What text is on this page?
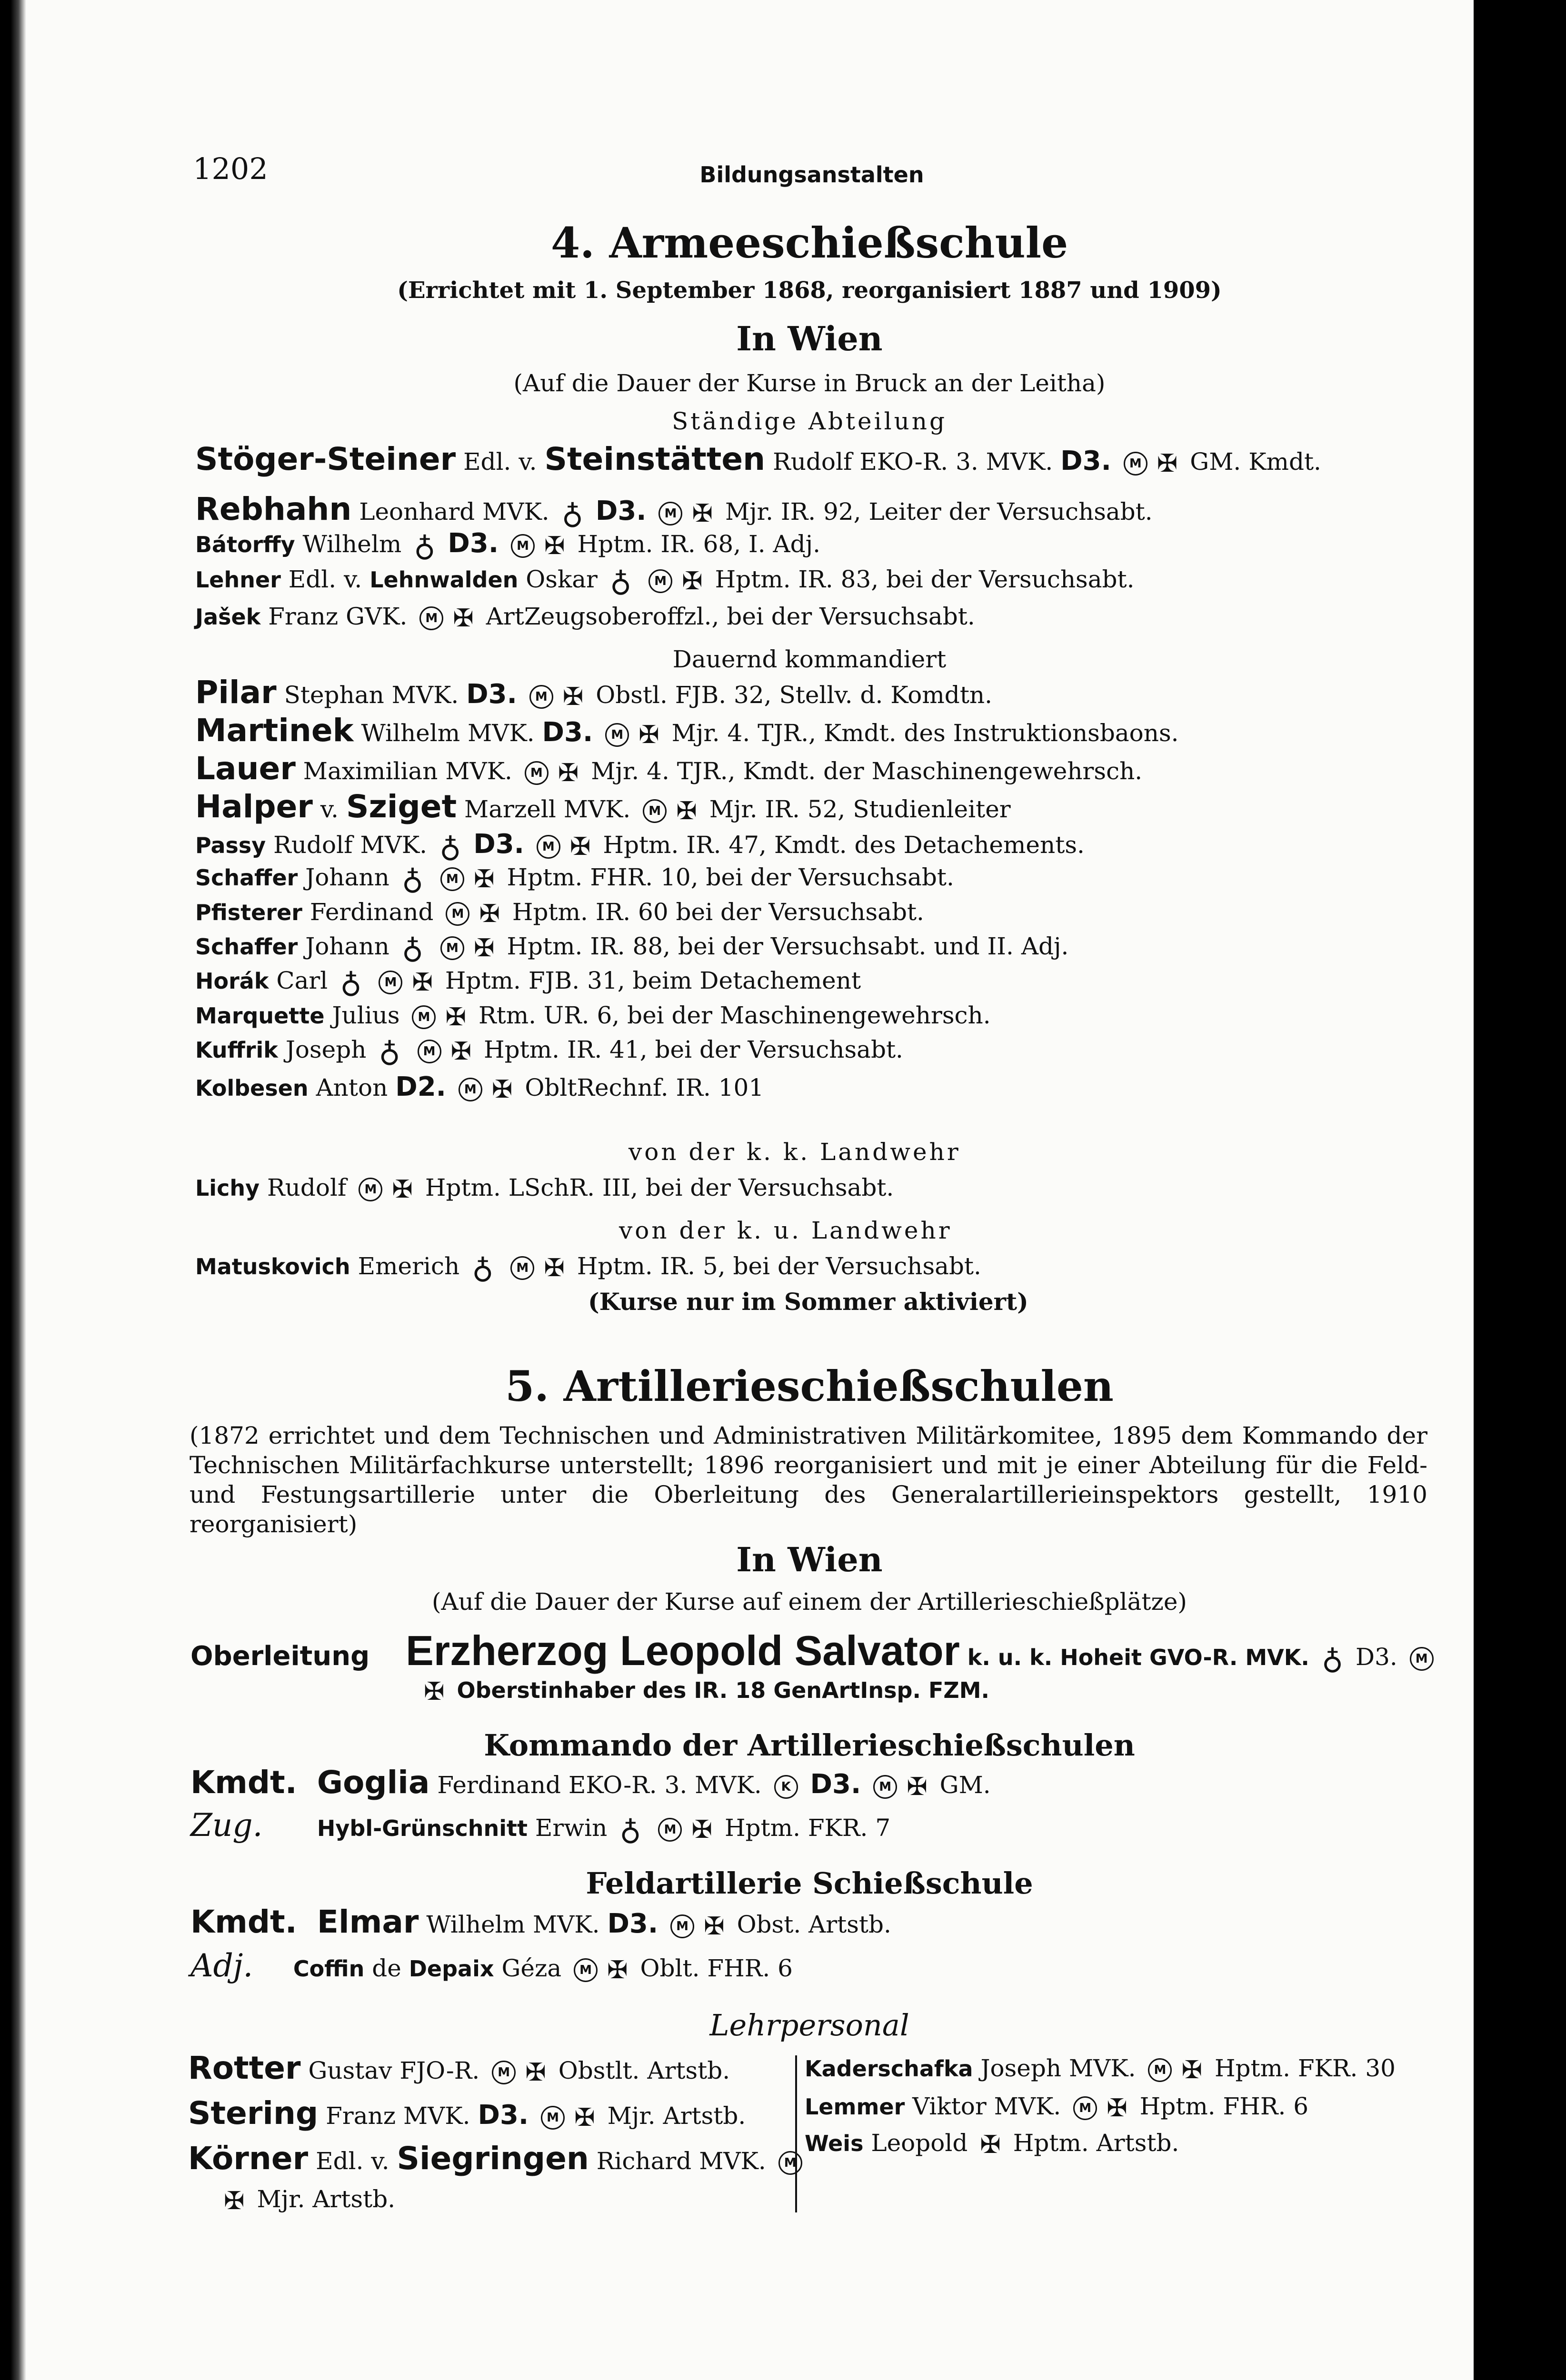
1202	Bildungsanstalten
4. Armeeschießschule
(Errichtet mit 1. September 1868, reorganisiert 1887 und 1909)
In Wien
(Auf die Dauer der Kurse in Bruck an der Leitha)
Ständige Abteilung
Stöger-Steiner Edl. v. Steinstätten Rudolf EKO-R. 3. MVK. D3. M ✠ GM. Kmdt.
Rebhahn Leonhard MVK. ♁ D3. M ✠ Mjr. IR. 92, Leiter der Versuchsabt.
Bátorffy Wilhelm ♁ D3. M ✠ Hptm. IR. 68, I. Adj.
Lehner Edl. v. Lehnwalden Oskar ♁ M ✠ Hptm. IR. 83, bei der Versuchsabt.
Jašek Franz GVK. M ✠ ArtZeugsoberoffzl., bei der Versuchsabt.
Dauernd kommandiert
Pilar Stephan MVK. D3. M ✠ Obstl. FJB. 32, Stellv. d. Komdtn.
Martinek Wilhelm MVK. D3. M ✠ Mjr. 4. TJR., Kmdt. des Instruktionsbaons.
Lauer Maximilian MVK. M ✠ Mjr. 4. TJR., Kmdt. der Maschinengewehrsch.
Halper v. Sziget Marzell MVK. M ✠ Mjr. IR. 52, Studienleiter
Passy Rudolf MVK. ♁ D3. M ✠ Hptm. IR. 47, Kmdt. des Detachements.
Schaffer Johann ♁ M ✠ Hptm. FHR. 10, bei der Versuchsabt.
Pfisterer Ferdinand M ✠ Hptm. IR. 60 bei der Versuchsabt.
Schaffer Johann ♁ M ✠ Hptm. IR. 88, bei der Versuchsabt. und II. Adj.
Horák Carl ♁ M ✠ Hptm. FJB. 31, beim Detachement
Marquette Julius M ✠ Rtm. UR. 6, bei der Maschinengewehrsch.
Kuffrik Joseph ♁ M ✠ Hptm. IR. 41, bei der Versuchsabt.
Kolbesen Anton D2. M ✠ ObltRechnf. IR. 101
von der k. k. Landwehr
Lichy Rudolf M ✠ Hptm. LSchR. III, bei der Versuchsabt.
von der k. u. Landwehr
Matuskovich Emerich ♁ M ✠ Hptm. IR. 5, bei der Versuchsabt.
(Kurse nur im Sommer aktiviert)
5. Artillerieschießschulen
(1872 errichtet und dem Technischen und Administrativen Militärkomitee, 1895 dem Kommando der Technischen Militärfachkurse unterstellt; 1896 reorganisiert und mit je einer Abteilung für die Feld- und Festungsartillerie unter die Oberleitung des Generalartillerieinspektors gestellt, 1910 reorganisiert)
In Wien
(Auf die Dauer der Kurse auf einem der Artillerieschießplätze)
Oberleitung Erzherzog Leopold Salvator k. u. k. Hoheit GVO-R. MVK. ♁ D3. M
✠ Oberstinhaber des IR. 18 GenArtInsp. FZM.
Kommando der Artillerieschießschulen
Kmdt. Goglia Ferdinand EKO-R. 3. MVK. K D3. M ✠ GM.
Zug. Hybl-Grünschnitt Erwin ♁ M ✠ Hptm. FKR. 7
Feldartillerie Schießschule
Kmdt. Elmar Wilhelm MVK. D3. M ✠ Obst. Artstb.
Adj. Coffin de Depaix Géza M ✠ Oblt. FHR. 6
Lehrpersonal
Rotter Gustav FJO-R. M ✠ Obstlt. Artstb.
Stering Franz MVK. D3. M ✠ Mjr. Artstb.
Körner Edl. v. Siegringen Richard MVK. M
✠ Mjr. Artstb.
Kaderschafka Joseph MVK. M ✠ Hptm. FKR. 30
Lemmer Viktor MVK. M ✠ Hptm. FHR. 6
Weis Leopold ✠ Hptm. Artstb.
